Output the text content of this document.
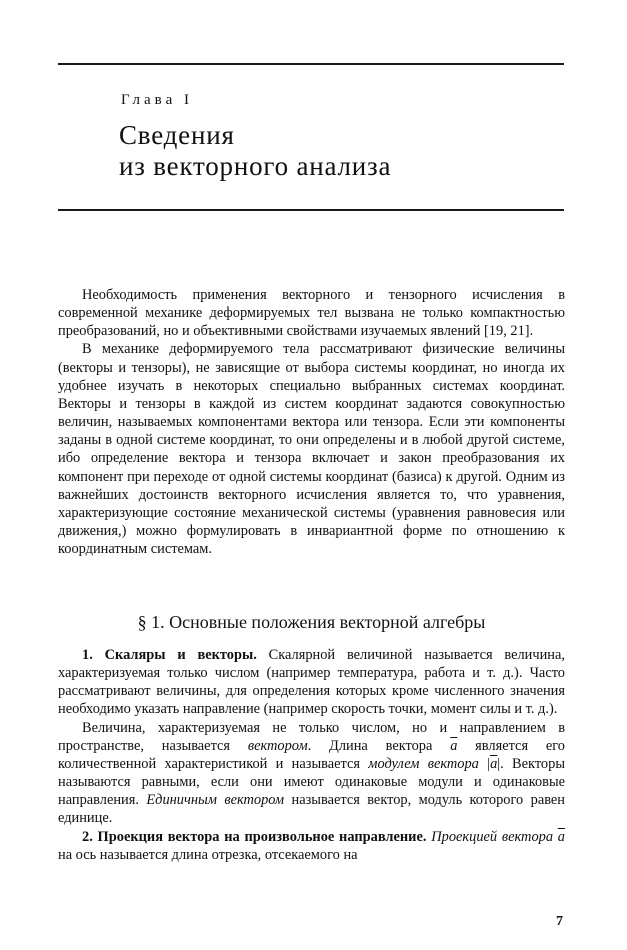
Глава I
Сведения
из векторного анализа

Необходимость применения векторного и тензорного исчисления в современной механике деформируемых тел вызвана не только компактностью преобразований, но и объективными свойствами изучаемых явлений [19, 21].

В механике деформируемого тела рассматривают физические величины (векторы и тензоры), не зависящие от выбора системы координат, но иногда их удобнее изучать в некоторых специально выбранных системах координат. Векторы и тензоры в каждой из систем координат задаются совокупностью величин, называемых компонентами вектора или тензора. Если эти компоненты заданы в одной системе координат, то они определены и в любой другой системе, ибо определение вектора и тензора включает и закон преобразования их компонент при переходе от одной системы координат (базиса) к другой. Одним из важнейших достоинств векторного исчисления является то, что уравнения, характеризующие состояние механической системы (уравнения равновесия или движения,) можно формулировать в инвариантной форме по отношению к координатным системам.

§ 1. Основные положения векторной алгебры

1. Скаляры и векторы. Скалярной величиной называется величина, характеризуемая только числом (например температура, работа и т. д.). Часто рассматривают величины, для определения которых кроме численного значения необходимо указать направление (например скорость точки, момент силы и т. д.).

Величина, характеризуемая не только числом, но и направлением в пространстве, называется вектором. Длина вектора $\overline{a}$ является его количественной характеристикой и называется модулем вектора $|\overline{a}|$. Векторы называются равными, если они имеют одинаковые модули и одинаковые направления. Единичным вектором называется вектор, модуль которого равен единице.

2. Проекция вектора на произвольное направление. Проекцией вектора $\overline{a}$ на ось называется длина отрезка, отсекаемого на

7
